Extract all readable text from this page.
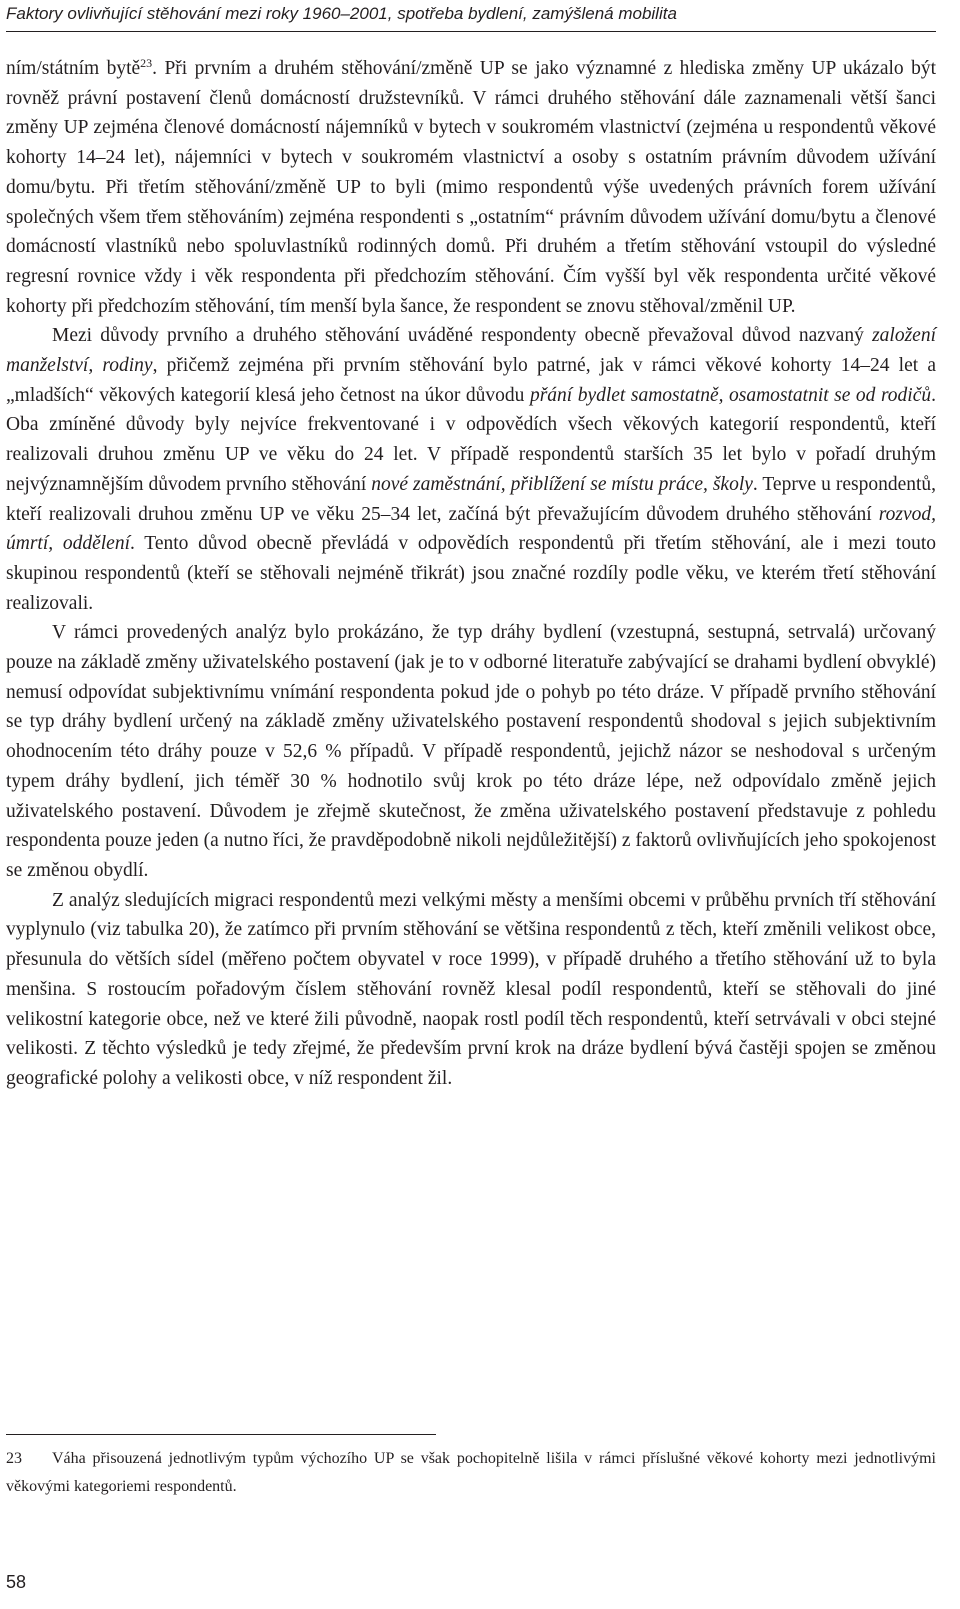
Faktory ovlivňující stěhování mezi roky 1960–2001, spotřeba bydlení, zamýšlená mobilita

ním/státním bytě$^{23}$. Při prvním a druhém stěhování/změně UP se jako významné z hlediska změny UP ukázalo být rovněž právní postavení členů domácností družstevníků. V rámci druhého stěhování dále zaznamenali větší šanci změny UP zejména členové domácností nájemníků v bytech v soukromém vlastnictví (zejména u respondentů věkové kohorty 14–24 let), nájemníci v bytech v soukromém vlastnictví a osoby s ostatním právním důvodem užívání domu/bytu. Při třetím stěhování/změně UP to byli (mimo respondentů výše uvedených právních forem užívání společných všem třem stěhováním) zejména respondenti s „ostatním“ právním důvodem užívání domu/bytu a členové domácností vlastníků nebo spoluvlastníků rodinných domů. Při druhém a třetím stěhování vstoupil do výsledné regresní rovnice vždy i věk respondenta při předchozím stěhování. Čím vyšší byl věk respondenta určité věkové kohorty při předchozím stěhování, tím menší byla šance, že respondent se znovu stěhoval/změnil UP.

Mezi důvody prvního a druhého stěhování uváděné respondenty obecně převažoval důvod nazvaný založení manželství, rodiny, přičemž zejména při prvním stěhování bylo patrné, jak v rámci věkové kohorty 14–24 let a „mladších“ věkových kategorií klesá jeho četnost na úkor důvodu přání bydlet samostatně, osamostatnit se od rodičů. Oba zmíněné důvody byly nejvíce frekventované i v odpovědích všech věkových kategorií respondentů, kteří realizovali druhou změnu UP ve věku do 24 let. V případě respondentů starších 35 let bylo v pořadí druhým nejvýznamnějším důvodem prvního stěhování nové zaměstnání, přiblížení se místu práce, školy. Teprve u respondentů, kteří realizovali druhou změnu UP ve věku 25–34 let, začíná být převažujícím důvodem druhého stěhování rozvod, úmrtí, oddělení. Tento důvod obecně převládá v odpovědích respondentů při třetím stěhování, ale i mezi touto skupinou respondentů (kteří se stěhovali nejméně třikrát) jsou značné rozdíly podle věku, ve kterém třetí stěhování realizovali.

V rámci provedených analýz bylo prokázáno, že typ dráhy bydlení (vzestupná, sestupná, setrvalá) určovaný pouze na základě změny uživatelského postavení (jak je to v odborné literatuře zabývající se drahami bydlení obvyklé) nemusí odpovídat subjektivnímu vnímání respondenta pokud jde o pohyb po této dráze. V případě prvního stěhování se typ dráhy bydlení určený na základě změny uživatelského postavení respondentů shodoval s jejich subjektivním ohodnocením této dráhy pouze v 52,6 % případů. V případě respondentů, jejichž názor se neshodoval s určeným typem dráhy bydlení, jich téměř 30 % hodnotilo svůj krok po této dráze lépe, než odpovídalo změně jejich uživatelského postavení. Důvodem je zřejmě skutečnost, že změna uživatelského postavení představuje z pohledu respondenta pouze jeden (a nutno říci, že pravděpodobně nikoli nejdůležitější) z faktorů ovlivňujících jeho spokojenost se změnou obydlí.

Z analýz sledujících migraci respondentů mezi velkými městy a menšími obcemi v průběhu prvních tří stěhování vyplynulo (viz tabulka 20), že zatímco při prvním stěhování se většina respondentů z těch, kteří změnili velikost obce, přesunula do větších sídel (měřeno počtem obyvatel v roce 1999), v případě druhého a třetího stěhování už to byla menšina. S rostoucím pořadovým číslem stěhování rovněž klesal podíl respondentů, kteří se stěhovali do jiné velikostní kategorie obce, než ve které žili původně, naopak rostl podíl těch respondentů, kteří setrvávali v obci stejné velikosti. Z těchto výsledků je tedy zřejmé, že především první krok na dráze bydlení bývá častěji spojen se změnou geografické polohy a velikosti obce, v níž respondent žil.

23 Váha přisouzená jednotlivým typům výchozího UP se však pochopitelně lišila v rámci příslušné věkové kohorty mezi jednotlivými věkovými kategoriemi respondentů.
58
